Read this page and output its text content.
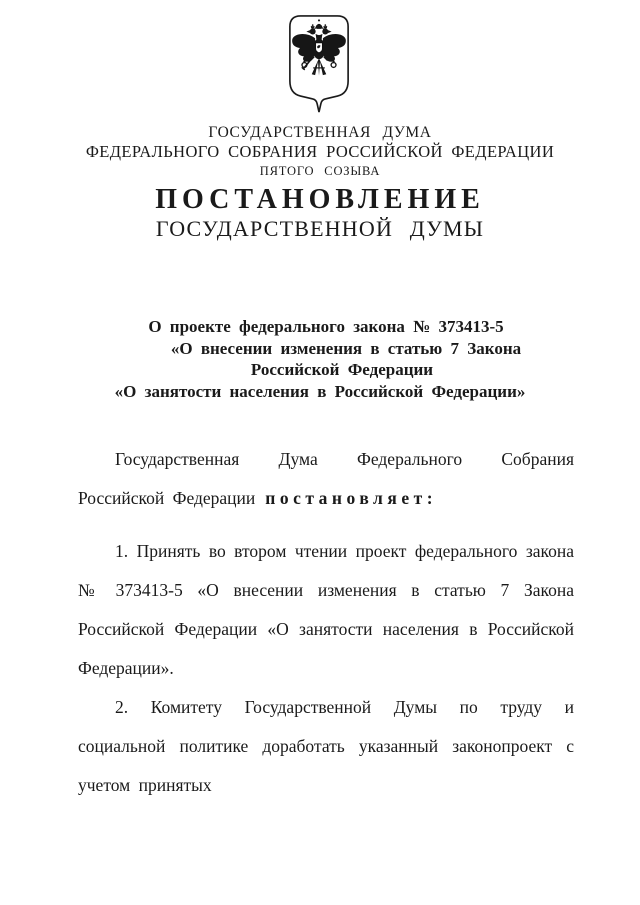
ГОСУДАРСТВЕННАЯ ДУМА
ФЕДЕРАЛЬНОГО СОБРАНИЯ РОССИЙСКОЙ ФЕДЕРАЦИИ
ПЯТОГО СОЗЫВА
ПОСТАНОВЛЕНИЕ
ГОСУДАРСТВЕННОЙ ДУМЫ
О проекте федерального закона № 373413-5
«О внесении изменения в статью 7 Закона
Российской Федерации
«О занятости населения в Российской Федерации»

Государственная Дума Федерального Собрания Российской Федерации постановляет:

1. Принять во втором чтении проект федерального закона № 373413-5 «О внесении изменения в статью 7 Закона Российской Федерации «О занятости населения в Российской Федерации».

2. Комитету Государственной Думы по труду и социальной политике доработать указанный законопроект с учетом принятых
